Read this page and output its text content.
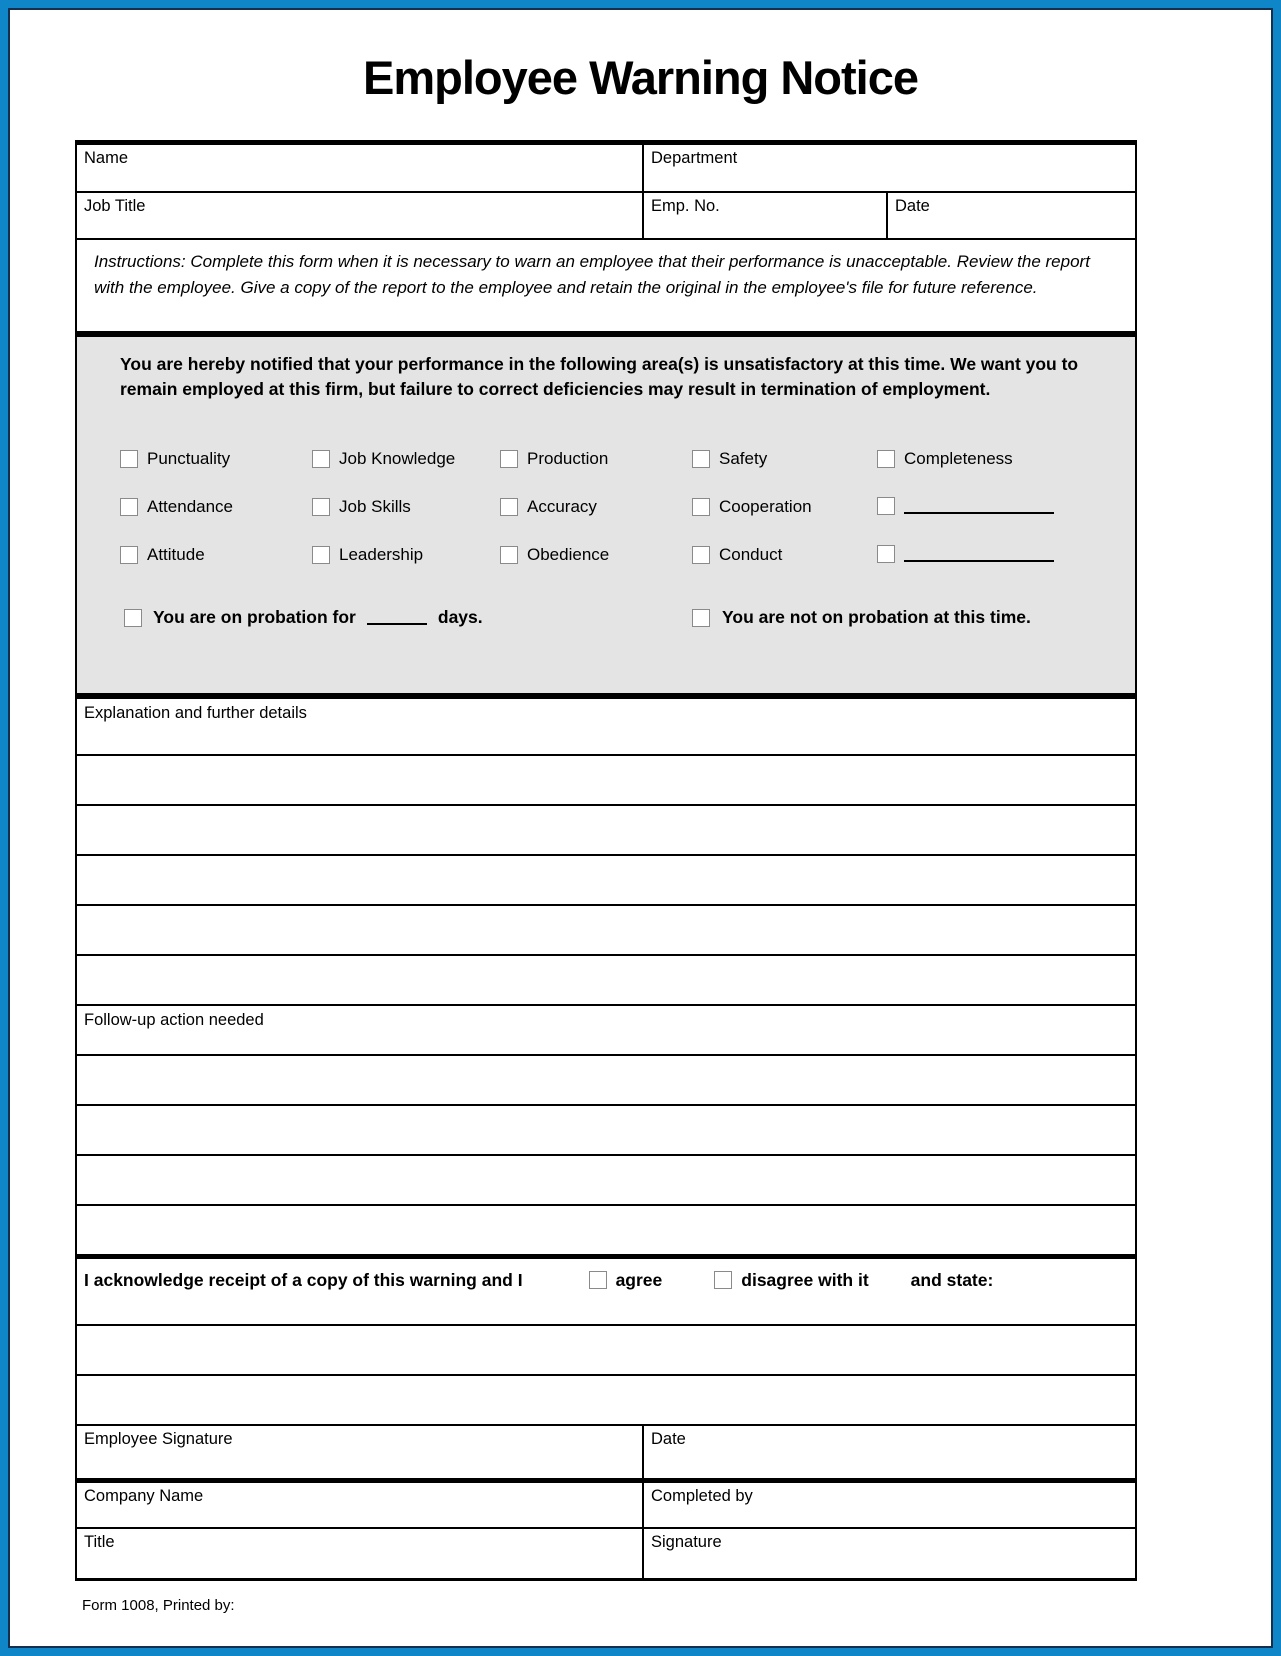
Employee Warning Notice
Name	Department
Job Title	Emp. No.	Date
Instructions: Complete this form when it is necessary to warn an employee that their performance is unacceptable. Review the report with the employee. Give a copy of the report to the employee and retain the original in the employee's file for future reference.

You are hereby notified that your performance in the following area(s) is unsatisfactory at this time. We want you to remain employed at this firm, but failure to correct deficiencies may result in termination of employment.

Punctuality	Job Knowledge	Production	Safety	Completeness
Attendance	Job Skills	Accuracy	Cooperation
Attitude	Leadership	Obedience	Conduct
You are on probation for	days.	You are not on probation at this time.
Explanation and further details
Follow-up action needed
I acknowledge receipt of a copy of this warning and I	agree	disagree with it and state:
Employee Signature	Date
Company Name	Completed by
Title	Signature
Form 1008, Printed by:
